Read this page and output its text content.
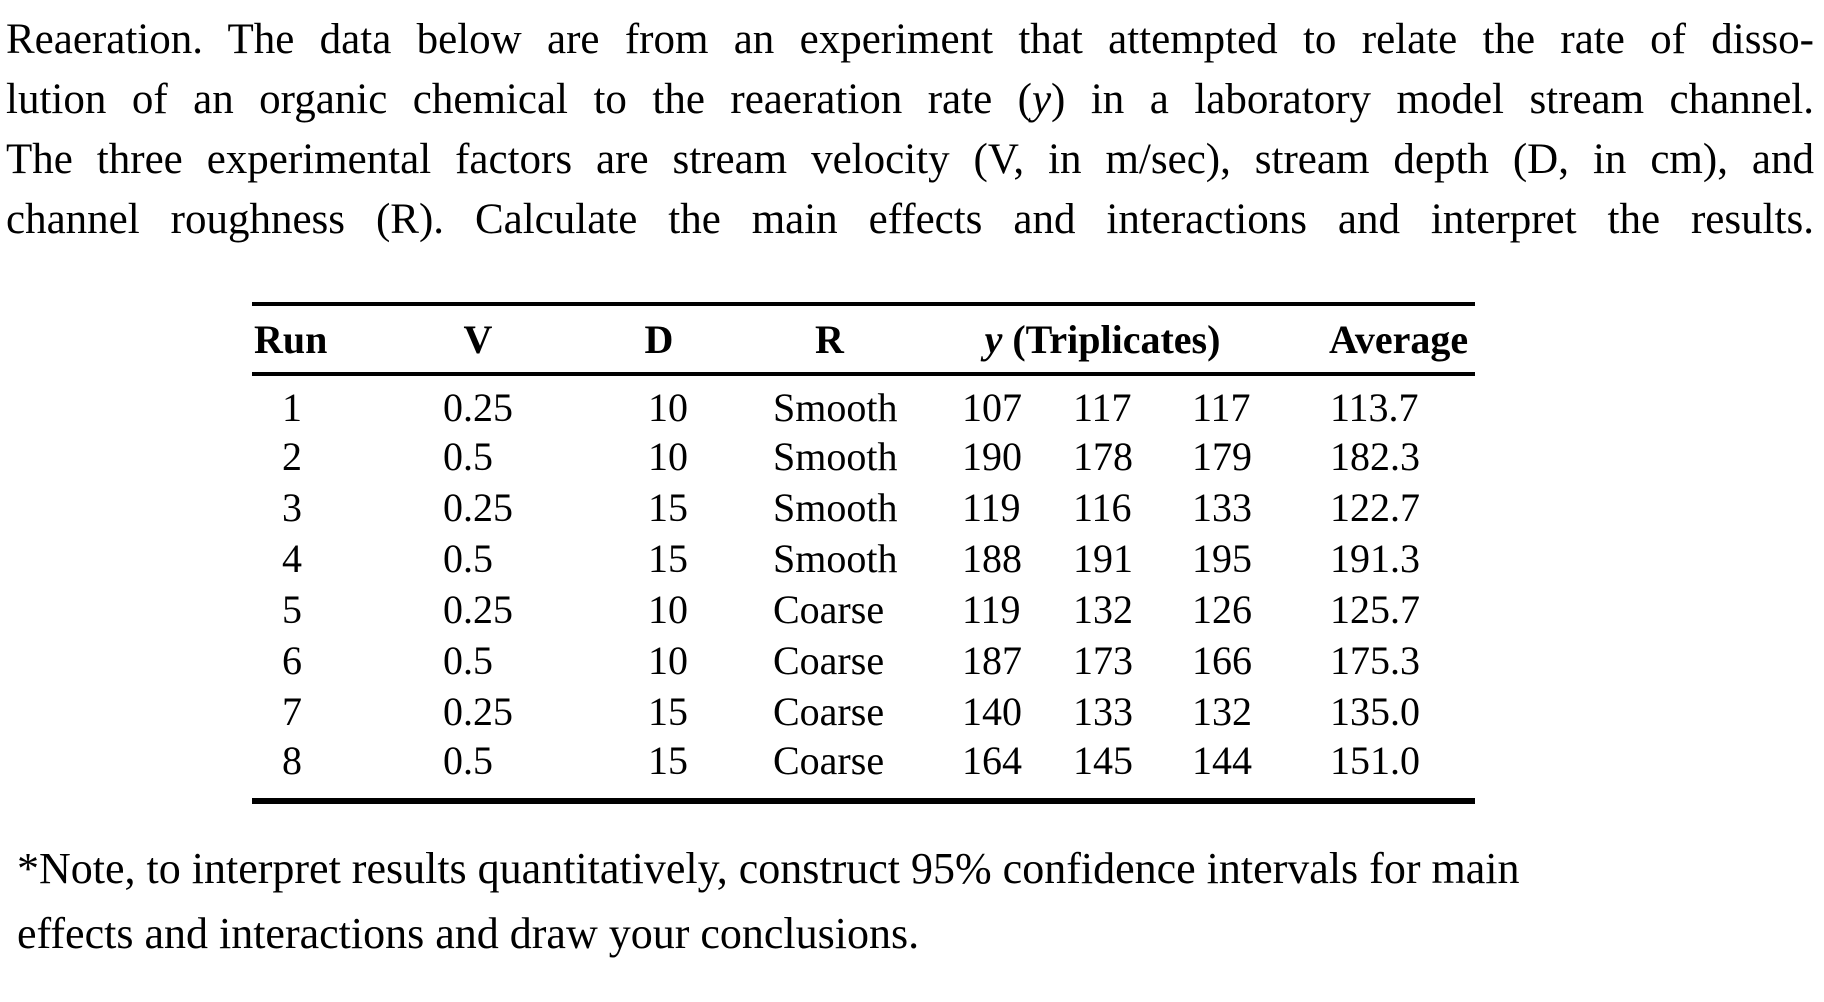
Reaeration. The data below are from an experiment that attempted to relate the rate of disso-
lution of an organic chemical to the reaeration rate (y) in a laboratory model stream channel.
The three experimental factors are stream velocity (V, in m/sec), stream depth (D, in cm), and
channel roughness (R). Calculate the main effects and interactions and interpret the results.
Run	V	D	R	y (Triplicates)			Average
1	0.25	10	Smooth	107	117	117	113.7
2	0.5	10	Smooth	190	178	179	182.3
3	0.25	15	Smooth	119	116	133	122.7
4	0.5	15	Smooth	188	191	195	191.3
5	0.25	10	Coarse	119	132	126	125.7
6	0.5	10	Coarse	187	173	166	175.3
7	0.25	15	Coarse	140	133	132	135.0
8	0.5	15	Coarse	164	145	144	151.0
*Note, to interpret results quantitatively, construct 95% confidence intervals for main
effects and interactions and draw your conclusions.
